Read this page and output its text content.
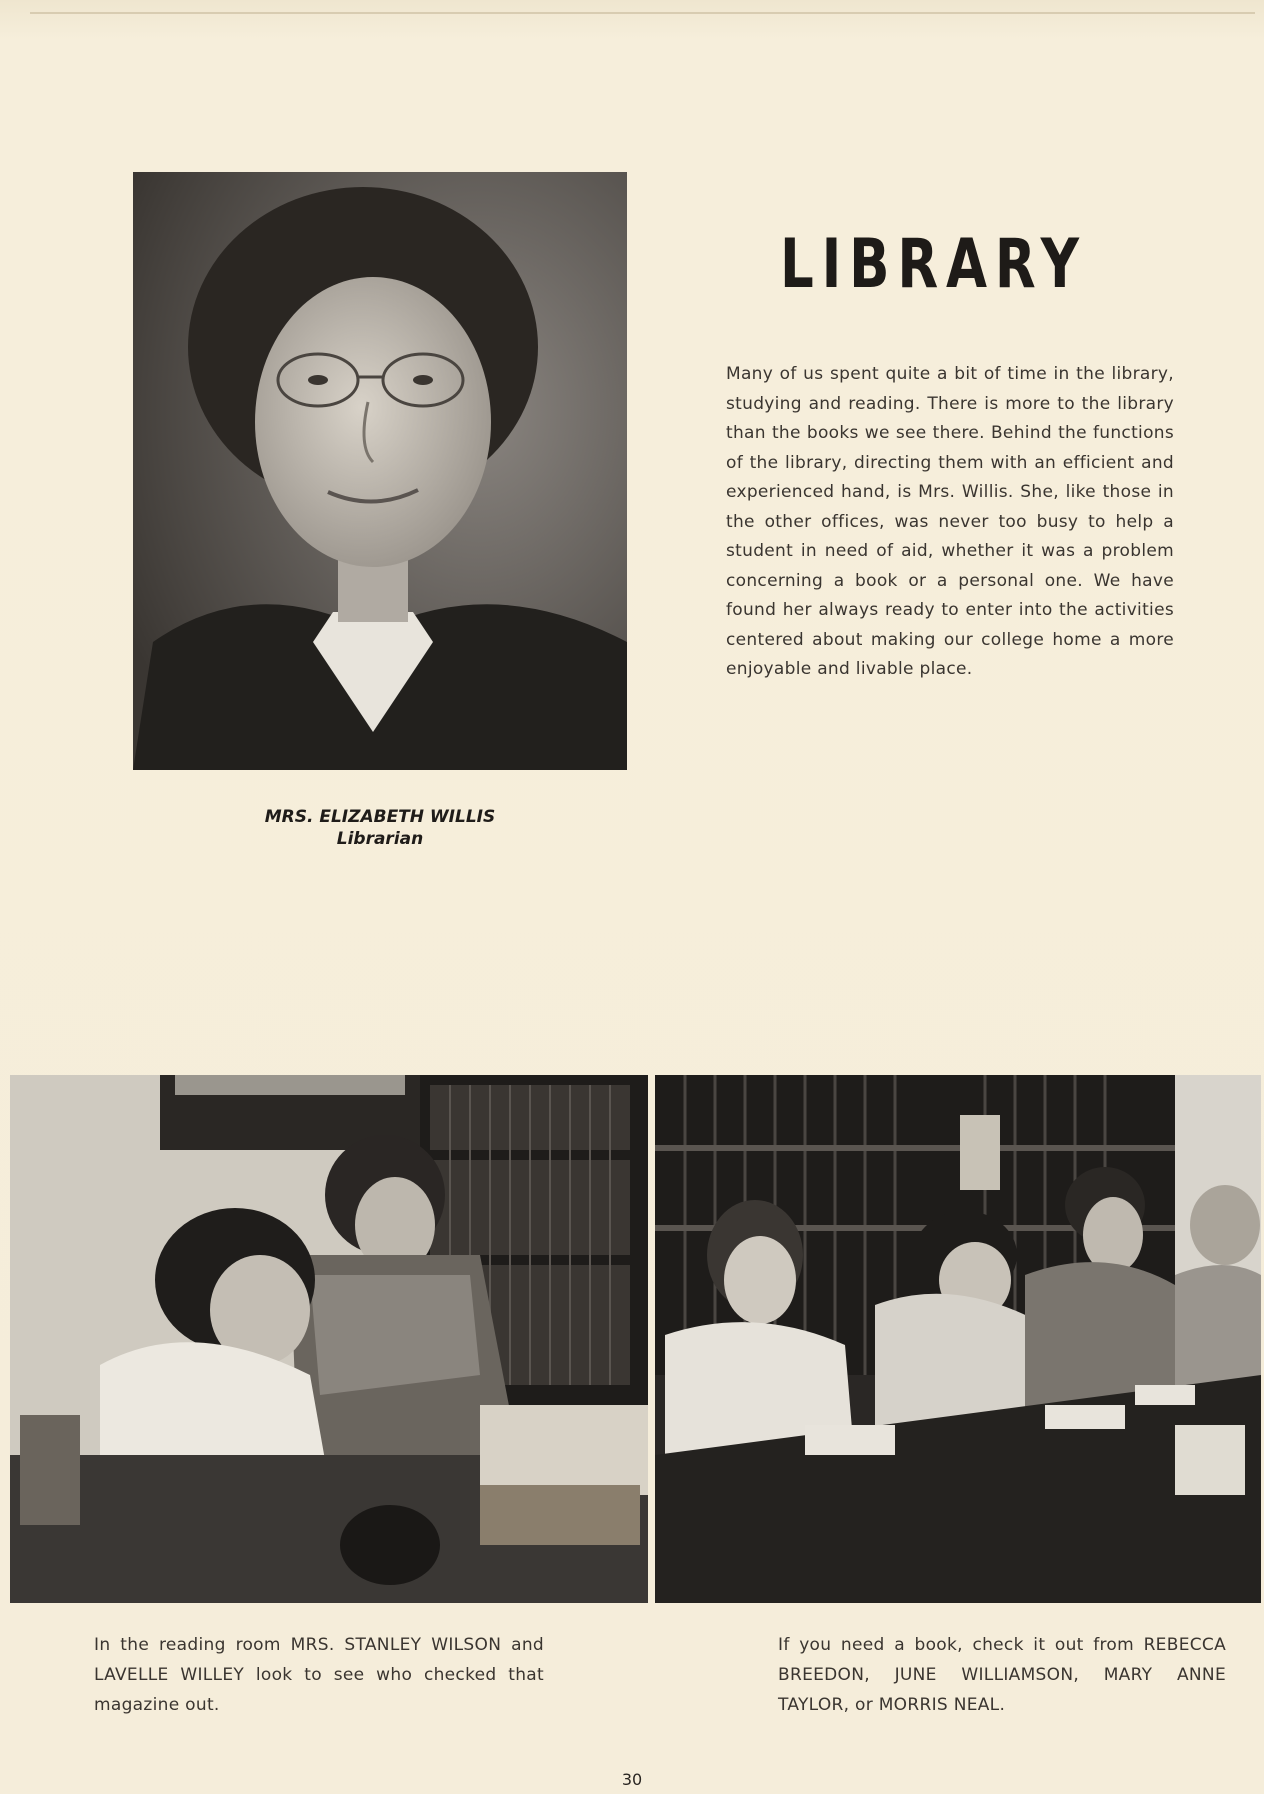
LIBRARY
Many of us spent quite a bit of time in the library, studying and reading. There is more to the library than the books we see there. Behind the functions of the library, directing them with an efficient and experienced hand, is Mrs. Willis. She, like those in the other offices, was never too busy to help a student in need of aid, whether it was a problem concerning a book or a personal one. We have found her always ready to enter into the activities centered about making our college home a more enjoyable and livable place.
MRS. ELIZABETH WILLIS
Librarian
In the reading room MRS. STANLEY WILSON and LAVELLE WILLEY look to see who checked that magazine out.
If you need a book, check it out from REBECCA BREEDON, JUNE WILLIAMSON, MARY ANNE TAYLOR, or MORRIS NEAL.
30
